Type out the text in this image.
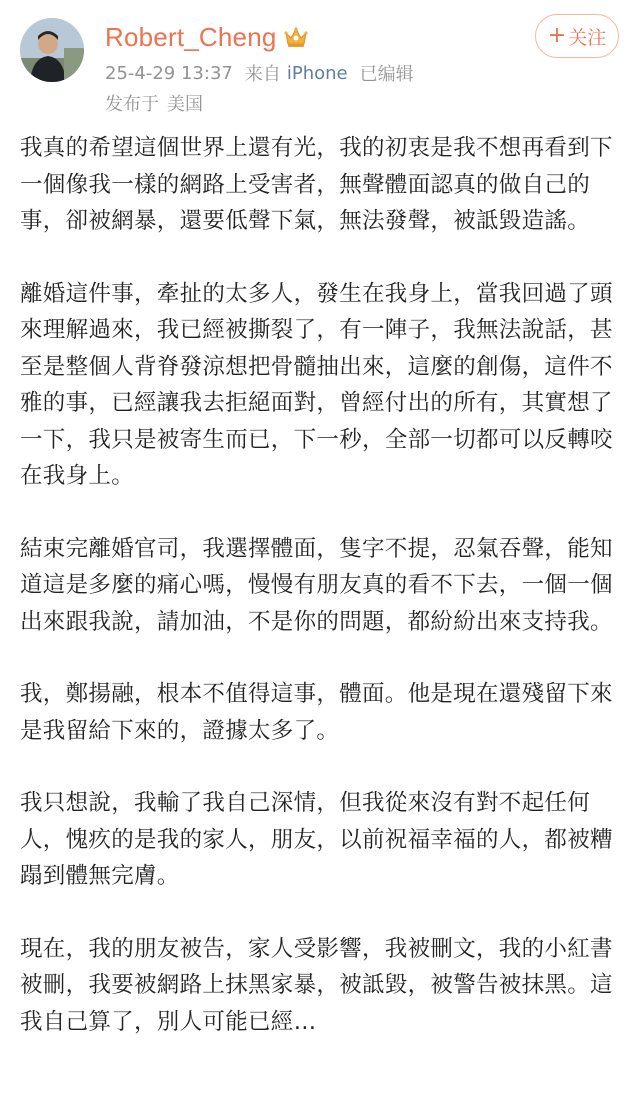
Robert_Cheng
25-4-29 13:37 来自 iPhone 已编辑
发布于 美国
+ 关注

我真的希望這個世界上還有光，我的初衷是我不想再看到下一個像我一樣的網路上受害者，無聲體面認真的做自己的事，卻被網暴，還要低聲下氣，無法發聲，被詆毀造謠。

離婚這件事，牽扯的太多人，發生在我身上，當我回過了頭來理解過來，我已經被撕裂了，有一陣子，我無法說話，甚至是整個人背脊發涼想把骨髓抽出來，這麼的創傷，這件不雅的事，已經讓我去拒絕面對，曾經付出的所有，其實想了一下，我只是被寄生而已，下一秒，全部一切都可以反轉咬在我身上。

結束完離婚官司，我選擇體面，隻字不提，忍氣吞聲，能知道這是多麼的痛心嗎，慢慢有朋友真的看不下去，一個一個出來跟我說，請加油，不是你的問題，都紛紛出來支持我。

我，鄭揚融，根本不值得這事，體面。他是現在還殘留下來是我留給下來的，證據太多了。

我只想說，我輸了我自己深情，但我從來沒有對不起任何人，愧疚的是我的家人，朋友，以前祝福幸福的人，都被糟蹋到體無完膚。

現在，我的朋友被告，家人受影響，我被刪文，我的小紅書被刪，我要被網路上抹黑家暴，被詆毀，被警告被抹黑。這我自己算了，別人可能已經…
